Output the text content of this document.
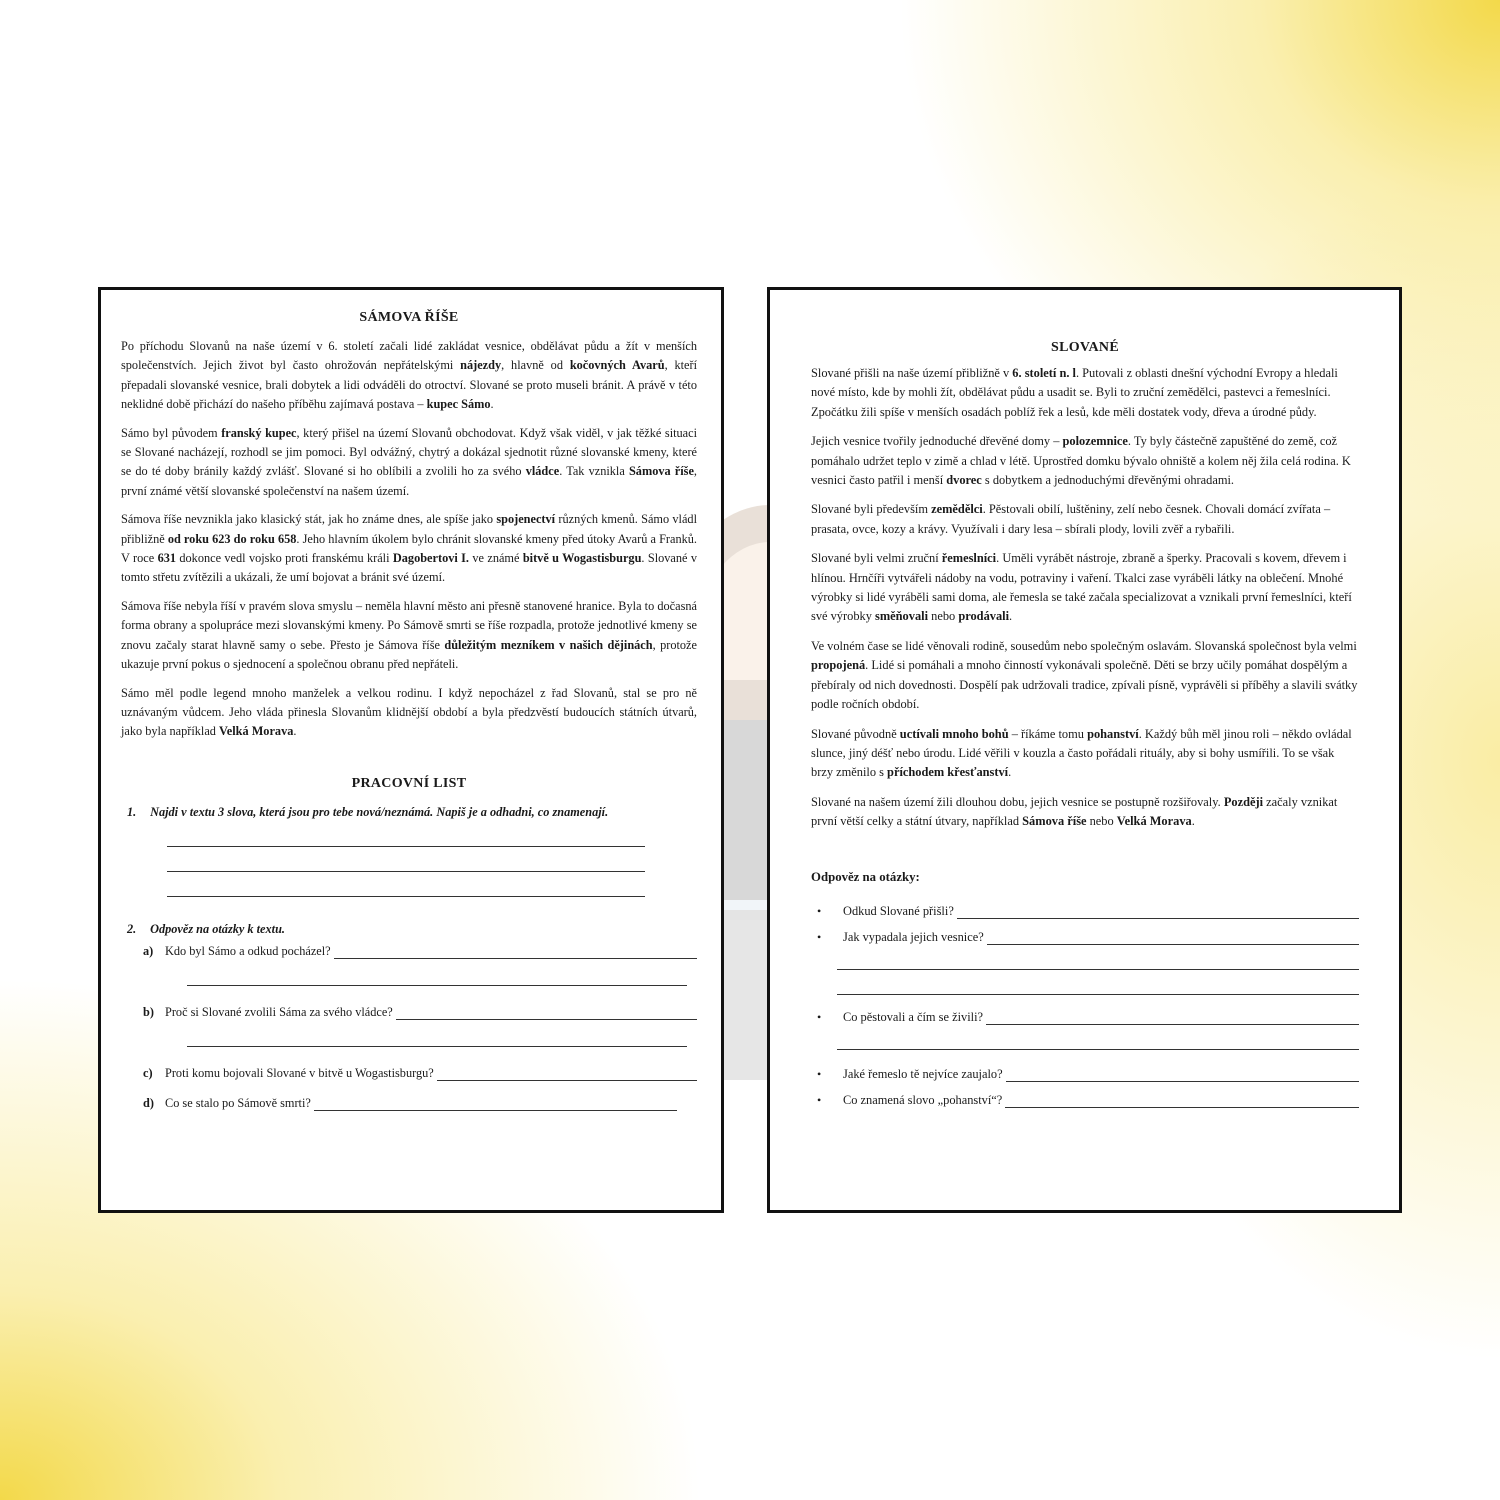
SÁMOVA ŘÍŠE
Po příchodu Slovanů na naše území v 6. století začali lidé zakládat vesnice, obdělávat půdu a žít v menších společenstvích. Jejich život byl často ohrožován nepřátelskými nájezdy, hlavně od kočovných Avarů, kteří přepadali slovanské vesnice, brali dobytek a lidi odváděli do otroctví. Slované se proto museli bránit. A právě v této neklidné době přichází do našeho příběhu zajímavá postava – kupec Sámo.
Sámo byl původem franský kupec, který přišel na území Slovanů obchodovat. Když však viděl, v jak těžké situaci se Slované nacházejí, rozhodl se jim pomoci. Byl odvážný, chytrý a dokázal sjednotit různé slovanské kmeny, které se do té doby bránily každý zvlášť. Slované si ho oblíbili a zvolili ho za svého vládce. Tak vznikla Sámova říše, první známé větší slovanské společenství na našem území.
Sámova říše nevznikla jako klasický stát, jak ho známe dnes, ale spíše jako spojenectví různých kmenů. Sámo vládl přibližně od roku 623 do roku 658. Jeho hlavním úkolem bylo chránit slovanské kmeny před útoky Avarů a Franků. V roce 631 dokonce vedl vojsko proti franskému králi Dagobertovi I. ve známé bitvě u Wogastisburgu. Slované v tomto střetu zvítězili a ukázali, že umí bojovat a bránit své území.
Sámova říše nebyla říší v pravém slova smyslu – neměla hlavní město ani přesně stanovené hranice. Byla to dočasná forma obrany a spolupráce mezi slovanskými kmeny. Po Sámově smrti se říše rozpadla, protože jednotlivé kmeny se znovu začaly starat hlavně samy o sebe. Přesto je Sámova říše důležitým mezníkem v našich dějinách, protože ukazuje první pokus o sjednocení a společnou obranu před nepřáteli.
Sámo měl podle legend mnoho manželek a velkou rodinu. I když nepocházel z řad Slovanů, stal se pro ně uznávaným vůdcem. Jeho vláda přinesla Slovanům klidnější období a byla předzvěstí budoucích státních útvarů, jako byla například Velká Morava.
PRACOVNÍ LIST
1. Najdi v textu 3 slova, která jsou pro tebe nová/neznámá. Napiš je a odhadni, co znamenají.
2. Odpověz na otázky k textu.
a) Kdo byl Sámo a odkud pocházel?
b) Proč si Slované zvolili Sáma za svého vládce?
c)	Proti komu bojovali Slované v bitvě u Wogastisburgu?
d) Co se stalo po Sámově smrti?
SLOVANÉ
Slované přišli na naše území přibližně v 6. století n. l. Putovali z oblasti dnešní východní Evropy a hledali nové místo, kde by mohli žít, obdělávat půdu a usadit se. Byli to zruční zemědělci, pastevci a řemeslníci. Zpočátku žili spíše v menších osadách poblíž řek a lesů, kde měli dostatek vody, dřeva a úrodné půdy.
Jejich vesnice tvořily jednoduché dřevěné domy – polozemnice. Ty byly částečně zapuštěné do země, což pomáhalo udržet teplo v zimě a chlad v létě. Uprostřed domku bývalo ohniště a kolem něj žila celá rodina. K vesnici často patřil i menší dvorec s dobytkem a jednoduchými dřevěnými ohradami.
Slované byli především zemědělci. Pěstovali obilí, luštěniny, zelí nebo česnek. Chovali domácí zvířata – prasata, ovce, kozy a krávy. Využívali i dary lesa – sbírali plody, lovili zvěř a rybařili.
Slované byli velmi zruční řemeslníci. Uměli vyrábět nástroje, zbraně a šperky. Pracovali s kovem, dřevem i hlínou. Hrnčíři vytvářeli nádoby na vodu, potraviny i vaření. Tkalci zase vyráběli látky na oblečení. Mnohé výrobky si lidé vyráběli sami doma, ale řemesla se také začala specializovat a vznikali první řemeslníci, kteří své výrobky směňovali nebo prodávali.
Ve volném čase se lidé věnovali rodině, sousedům nebo společným oslavám. Slovanská společnost byla velmi propojená. Lidé si pomáhali a mnoho činností vykonávali společně. Děti se brzy učily pomáhat dospělým a přebíraly od nich dovednosti. Dospělí pak udržovali tradice, zpívali písně, vyprávěli si příběhy a slavili svátky podle ročních období.
Slované původně uctívali mnoho bohů – říkáme tomu pohanství. Každý bůh měl jinou roli – někdo ovládal slunce, jiný déšť nebo úrodu. Lidé věřili v kouzla a často pořádali rituály, aby si bohy usmířili. To se však brzy změnilo s příchodem křesťanství.
Slované na našem území žili dlouhou dobu, jejich vesnice se postupně rozšiřovaly. Později začaly vznikat první větší celky a státní útvary, například Sámova říše nebo Velká Morava.
Odpověz na otázky:
•	Odkud Slované přišli?
•	Jak vypadala jejich vesnice?
•	Co pěstovali a čím se živili?
•	Jaké řemeslo tě nejvíce zaujalo?
•	Co znamená slovo „pohanství“?
